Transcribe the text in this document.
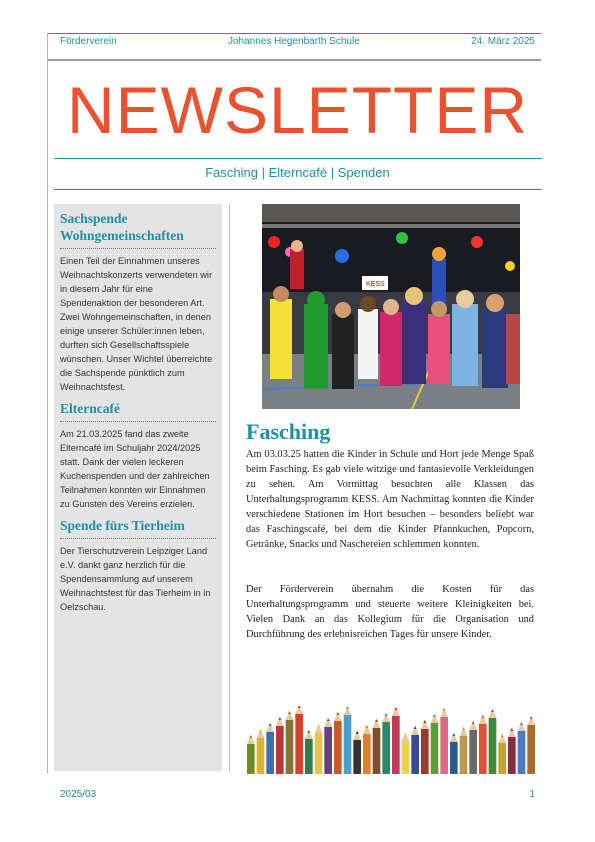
Förderverein	Johannes Hegenbarth Schule	24. März 2025
NEWSLETTER
Fasching | Elterncafé | Spenden
Sachspende Wohngemeinschaften

Einen Teil der Einnahmen unseres Weihnachtskonzerts verwendeten wir in diesem Jahr für eine Spendenaktion der besonderen Art. Zwei Wohngemeinschaften, in denen einige unserer Schüler:innen leben, durften sich Gesellschaftsspiele wünschen. Unser Wichtel überreichte die Sachspende pünktlich zum Weihnachtsfest.

Elterncafé

Am 21.03.2025 fand das zweite Elterncafé im Schuljahr 2024/2025 statt. Dank der vielen leckeren Kuchenspenden und der zahlreichen Teilnahmen konnten wir Einnahmen zu Gunsten des Vereins erzielen.

Spende fürs Tierheim

Der Tierschutzverein Leipziger Land e.V. dankt ganz herzlich für die Spendensammlung auf unserem Weihnachtsfest für das Tierheim in in Oelzschau.

KESS
Fasching

Am 03.03.25 hatten die Kinder in Schule und Hort jede Menge Spaß beim Fasching. Es gab viele witzige und fantasievolle Verkleidungen zu sehen. Am Vormittag besuchten alle Klassen das Unterhaltungsprogramm KESS. Am Nachmittag konnten die Kinder verschiedene Stationen im Hort besuchen – besonders beliebt war das Faschingscafé, bei dem die Kinder Pfannkuchen, Popcorn, Getränke, Snacks und Naschereien schlemmen konnten.

Der Förderverein übernahm die Kosten für das Unterhaltungsprogramm und steuerte weitere Kleinigkeiten bei. Vielen Dank an das Kollegium für die Organisation und Durchführung des erlebnisreichen Tages für unsere Kinder.

2025/03	1
